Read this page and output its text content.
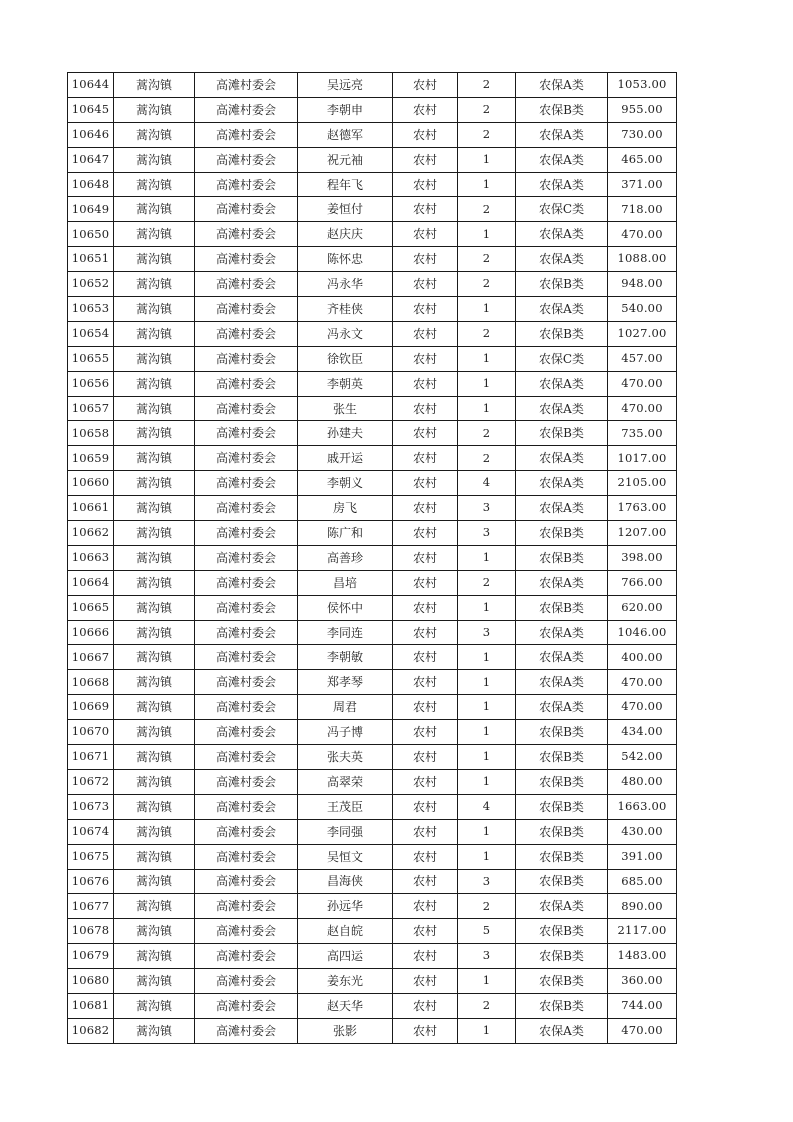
10644	蒿沟镇	高滩村委会	吴远亮	农村	2	农保A类	1053.00
10645	蒿沟镇	高滩村委会	李朝申	农村	2	农保B类	955.00
10646	蒿沟镇	高滩村委会	赵德军	农村	2	农保A类	730.00
10647	蒿沟镇	高滩村委会	祝元袖	农村	1	农保A类	465.00
10648	蒿沟镇	高滩村委会	程年飞	农村	1	农保A类	371.00
10649	蒿沟镇	高滩村委会	姜恒付	农村	2	农保C类	718.00
10650	蒿沟镇	高滩村委会	赵庆庆	农村	1	农保A类	470.00
10651	蒿沟镇	高滩村委会	陈怀忠	农村	2	农保A类	1088.00
10652	蒿沟镇	高滩村委会	冯永华	农村	2	农保B类	948.00
10653	蒿沟镇	高滩村委会	齐桂侠	农村	1	农保A类	540.00
10654	蒿沟镇	高滩村委会	冯永文	农村	2	农保B类	1027.00
10655	蒿沟镇	高滩村委会	徐钦臣	农村	1	农保C类	457.00
10656	蒿沟镇	高滩村委会	李朝英	农村	1	农保A类	470.00
10657	蒿沟镇	高滩村委会	张生	农村	1	农保A类	470.00
10658	蒿沟镇	高滩村委会	孙建夫	农村	2	农保B类	735.00
10659	蒿沟镇	高滩村委会	戚开运	农村	2	农保A类	1017.00
10660	蒿沟镇	高滩村委会	李朝义	农村	4	农保A类	2105.00
10661	蒿沟镇	高滩村委会	房飞	农村	3	农保A类	1763.00
10662	蒿沟镇	高滩村委会	陈广和	农村	3	农保B类	1207.00
10663	蒿沟镇	高滩村委会	高善珍	农村	1	农保B类	398.00
10664	蒿沟镇	高滩村委会	昌培	农村	2	农保A类	766.00
10665	蒿沟镇	高滩村委会	侯怀中	农村	1	农保B类	620.00
10666	蒿沟镇	高滩村委会	李同连	农村	3	农保A类	1046.00
10667	蒿沟镇	高滩村委会	李朝敏	农村	1	农保A类	400.00
10668	蒿沟镇	高滩村委会	郑孝琴	农村	1	农保A类	470.00
10669	蒿沟镇	高滩村委会	周君	农村	1	农保A类	470.00
10670	蒿沟镇	高滩村委会	冯子博	农村	1	农保B类	434.00
10671	蒿沟镇	高滩村委会	张夫英	农村	1	农保B类	542.00
10672	蒿沟镇	高滩村委会	高翠荣	农村	1	农保B类	480.00
10673	蒿沟镇	高滩村委会	王茂臣	农村	4	农保B类	1663.00
10674	蒿沟镇	高滩村委会	李同强	农村	1	农保B类	430.00
10675	蒿沟镇	高滩村委会	吴恒文	农村	1	农保B类	391.00
10676	蒿沟镇	高滩村委会	昌海侠	农村	3	农保B类	685.00
10677	蒿沟镇	高滩村委会	孙远华	农村	2	农保A类	890.00
10678	蒿沟镇	高滩村委会	赵自皖	农村	5	农保B类	2117.00
10679	蒿沟镇	高滩村委会	高四运	农村	3	农保B类	1483.00
10680	蒿沟镇	高滩村委会	姜东光	农村	1	农保B类	360.00
10681	蒿沟镇	高滩村委会	赵天华	农村	2	农保B类	744.00
10682	蒿沟镇	高滩村委会	张影	农村	1	农保A类	470.00
